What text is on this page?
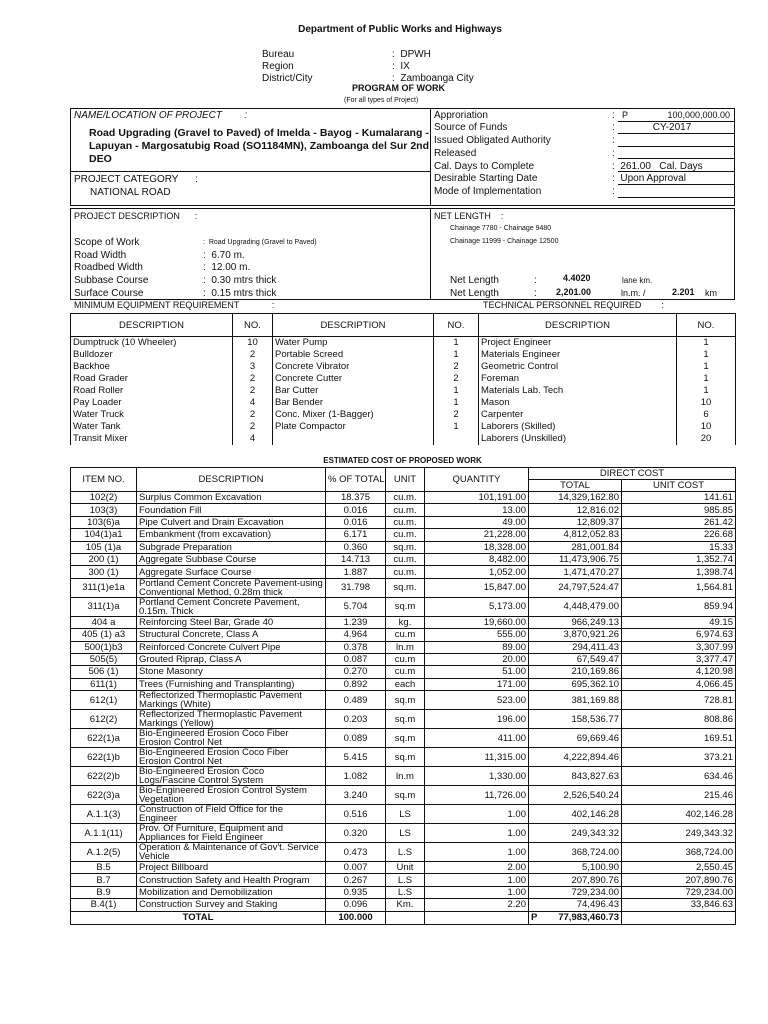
Department of Public Works and Highways
Bureau	:  DPWH
Region	:  IX
District/City	:  Zamboanga City
PROGRAM OF WORK
(For all types of Project)
NAME/LOCATION OF PROJECT        :
Road Upgrading (Gravel to Paved) of Imelda - Bayog - Kumalarang - Lapuyan - Margosatubig Road (SO1184MN), Zamboanga del Sur 2nd DEO
PROJECT CATEGORY      :
NATIONAL ROAD
Approriation	: P	100,000,000.00
Source of Funds	:	CY-2017
Issued Obligated Authority	:
Released	:
Cal. Days to Complete	:  261.00 Cal. Days
Desirable Starting Date	:  Upon Approval
Mode of Implementation	:
PROJECT DESCRIPTION      :
Scope of Work	:  Road Upgrading (Gravel to Paved)
Road Width	:  6.70 m.
Roadbed Width	:  12.00 m.
Subbase Course	:  0.30 mtrs thick
Surface Course	:  0.15 mtrs thick
NET LENGTH    :
Chainage 7780 - Chainage 9480
Chainage 11999 - Chainage 12500
Net Length	:	4.4020	lane km.
Net Length	: 2,201.00	ln.m. /	2.201 km
MINIMUM EQUIPMENT REQUIREMENT             :	TECHNICAL PERSONNEL REQUIRED        :
DESCRIPTION	NO.	DESCRIPTION	NO.	DESCRIPTION	NO.
Dumptruck (10 Wheeler)	10	Water Pump	1	Project Engineer	1
Bulldozer	2	Portable Screed	1	Materials Engineer	1
Backhoe	3	Concrete Vibrator	2	Geometric Control	1
Road Grader	2	Concrete Cutter	2	Foreman	1
Road Roller	2	Bar Cutter	1	Materials Lab. Tech	1
Pay Loader	4	Bar Bender	1	Mason	10
Water Truck	2	Conc. Mixer (1-Bagger)	2	Carpenter	6
Water Tank	2	Plate Compactor	1	Laborers (Skilled)	10
Transit Mixer	4			Laborers (Unskilled)	20
ESTIMATED COST OF PROPOSED WORK
ITEM NO.	DESCRIPTION	% OF TOTAL	UNIT	QUANTITY	DIRECT COST	
					TOTAL	UNIT COST
102(2)	Surplus Common Excavation	18.375	cu.m.	101,191.00	14,329,162.80	141.61
103(3)	Foundation Fill	0.016	cu.m.	13.00	12,816.02	985.85
103(6)a	Pipe Culvert and Drain Excavation	0.016	cu.m.	49.00	12,809.37	261.42
104(1)a1	Embankment (from excavation)	6.171	cu.m.	21,228.00	4,812,052.83	226.68
105 (1)a	Subgrade Preparation	0.360	sq.m.	18,328.00	281,001.84	15.33
200 (1)	Aggregate Subbase Course	14.713	cu.m.	8,482.00	11,473,906.75	1,352.74
300 (1)	Aggregate Surface Course	1.887	cu.m.	1,052.00	1,471,470.27	1,398.74
311(1)e1a	Portland Cement Concrete Pavement-using Conventional Method, 0.28m thick	31.798	sq.m.	15,847.00	24,797,524.47	1,564.81
311(1)a	Portland Cement Concrete Pavement, 0.15m. Thick	5.704	sq.m	5,173.00	4,448,479.00	859.94
404 a	Reinforcing Steel Bar, Grade 40	1.239	kg.	19,660.00	966,249.13	49.15
405 (1) a3	Structural Concrete, Class A	4.964	cu.m	555.00	3,870,921.26	6,974.63
500(1)b3	Reinforced Concrete Culvert Pipe	0.378	ln.m	89.00	294,411.43	3,307.99
505(5)	Grouted Riprap, Class A	0.087	cu.m	20.00	67,549.47	3,377.47
506 (1)	Stone Masonry	0.270	cu.m	51.00	210,169.86	4,120.98
611(1)	Trees (Furnishing and Transplanting)	0.892	each	171.00	695,362.10	4,066.45
612(1)	Reflectorized Thermoplastic Pavement Markings (White)	0.489	sq.m	523.00	381,169.88	728.81
612(2)	Reflectorized Thermoplastic Pavement Markings (Yellow)	0.203	sq.m	196.00	158,536.77	808.86
622(1)a	Bio-Engineered Erosion Coco Fiber Erosion Control Net	0.089	sq.m	411.00	69,669.46	169.51
622(1)b	Bio-Engineered Erosion Coco Fiber Erosion Control Net	5.415	sq.m	11,315.00	4,222,894.46	373.21
622(2)b	Bio-Engineered Erosion Coco Logs/Fascine Control System	1.082	ln.m	1,330.00	843,827.63	634.46
622(3)a	Bio-Engineered Erosion Control System Vegetation	3.240	sq.m	11,726.00	2,526,540.24	215.46
A.1.1(3)	Construction of Field Office for the Engineer	0.516	LS	1.00	402,146.28	402,146.28
A.1.1(11)	Prov. Of Furniture, Equipment and Appliances for Field Engineer	0.320	LS	1.00	249,343.32	249,343.32
A.1.2(5)	Operation & Maintenance of Gov't. Service Vehicle	0.473	L.S	1.00	368,724.00	368,724.00
B.5	Project Billboard	0.007	Unit	2.00	5,100.90	2,550.45
B.7	Construction Safety and Health Program	0.267	L.S	1.00	207,890.76	207,890.76
B.9	Mobilization and Demobilization	0.935	L.S	1.00	729,234.00	729,234.00
B.4(1)	Construction Survey and Staking	0.096	Km.	2.20	74,496.43	33,846.63
TOTAL		100.000			P 77,983,460.73	
